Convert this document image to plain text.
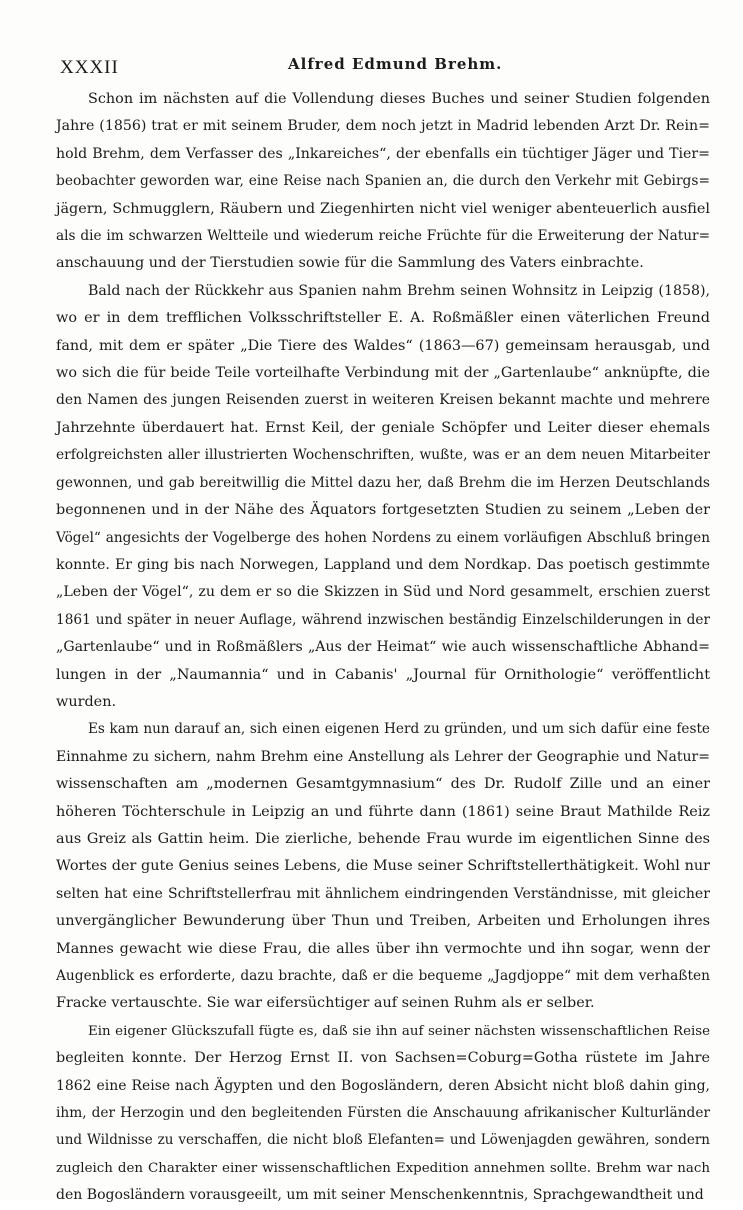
XXXII	Alfred Edmund Brehm.
Schon im nächsten auf die Vollendung dieses Buches und seiner Studien folgenden
Jahre (1856) trat er mit seinem Bruder, dem noch jetzt in Madrid lebenden Arzt Dr. Rein=
hold Brehm, dem Verfasser des „Inkareiches“, der ebenfalls ein tüchtiger Jäger und Tier=
beobachter geworden war, eine Reise nach Spanien an, die durch den Verkehr mit Gebirgs=
jägern, Schmugglern, Räubern und Ziegenhirten nicht viel weniger abenteuerlich ausfiel
als die im schwarzen Weltteile und wiederum reiche Früchte für die Erweiterung der Natur=
anschauung und der Tierstudien sowie für die Sammlung des Vaters einbrachte.
Bald nach der Rückkehr aus Spanien nahm Brehm seinen Wohnsitz in Leipzig (1858),
wo er in dem trefflichen Volksschriftsteller E. A. Roßmäßler einen väterlichen Freund
fand, mit dem er später „Die Tiere des Waldes“ (1863—67) gemeinsam herausgab, und
wo sich die für beide Teile vorteilhafte Verbindung mit der „Gartenlaube“ anknüpfte, die
den Namen des jungen Reisenden zuerst in weiteren Kreisen bekannt machte und mehrere
Jahrzehnte überdauert hat. Ernst Keil, der geniale Schöpfer und Leiter dieser ehemals
erfolgreichsten aller illustrierten Wochenschriften, wußte, was er an dem neuen Mitarbeiter
gewonnen, und gab bereitwillig die Mittel dazu her, daß Brehm die im Herzen Deutschlands
begonnenen und in der Nähe des Äquators fortgesetzten Studien zu seinem „Leben der
Vögel“ angesichts der Vogelberge des hohen Nordens zu einem vorläufigen Abschluß bringen
konnte. Er ging bis nach Norwegen, Lappland und dem Nordkap. Das poetisch gestimmte
„Leben der Vögel“, zu dem er so die Skizzen in Süd und Nord gesammelt, erschien zuerst
1861 und später in neuer Auflage, während inzwischen beständig Einzelschilderungen in der
„Gartenlaube“ und in Roßmäßlers „Aus der Heimat“ wie auch wissenschaftliche Abhand=
lungen in der „Naumannia“ und in Cabanis' „Journal für Ornithologie“ veröffentlicht
wurden.
Es kam nun darauf an, sich einen eigenen Herd zu gründen, und um sich dafür eine feste
Einnahme zu sichern, nahm Brehm eine Anstellung als Lehrer der Geographie und Natur=
wissenschaften am „modernen Gesamtgymnasium“ des Dr. Rudolf Zille und an einer
höheren Töchterschule in Leipzig an und führte dann (1861) seine Braut Mathilde Reiz
aus Greiz als Gattin heim. Die zierliche, behende Frau wurde im eigentlichen Sinne des
Wortes der gute Genius seines Lebens, die Muse seiner Schriftstellerthätigkeit. Wohl nur
selten hat eine Schriftstellerfrau mit ähnlichem eindringenden Verständnisse, mit gleicher
unvergänglicher Bewunderung über Thun und Treiben, Arbeiten und Erholungen ihres
Mannes gewacht wie diese Frau, die alles über ihn vermochte und ihn sogar, wenn der
Augenblick es erforderte, dazu brachte, daß er die bequeme „Jagdjoppe“ mit dem verhaßten
Fracke vertauschte. Sie war eifersüchtiger auf seinen Ruhm als er selber.
Ein eigener Glückszufall fügte es, daß sie ihn auf seiner nächsten wissenschaftlichen Reise
begleiten konnte. Der Herzog Ernst II. von Sachsen=Coburg=Gotha rüstete im Jahre
1862 eine Reise nach Ägypten und den Bogosländern, deren Absicht nicht bloß dahin ging,
ihm, der Herzogin und den begleitenden Fürsten die Anschauung afrikanischer Kulturländer
und Wildnisse zu verschaffen, die nicht bloß Elefanten= und Löwenjagden gewähren, sondern
zugleich den Charakter einer wissenschaftlichen Expedition annehmen sollte. Brehm war nach
den Bogosländern vorausgeeilt, um mit seiner Menschenkenntnis, Sprachgewandtheit und
